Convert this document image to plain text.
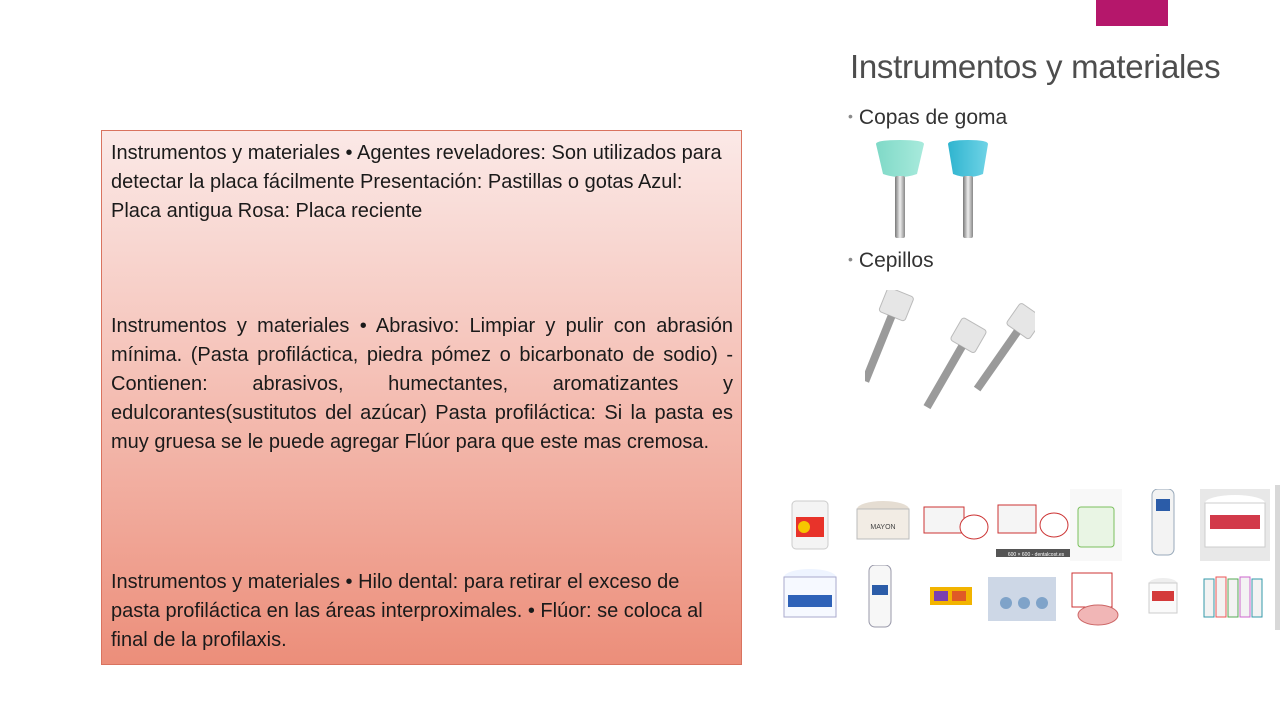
Instrumentos y materiales • Agentes reveladores: Son utilizados para detectar la placa fácilmente Presentación: Pastillas o gotas Azul: Placa antigua Rosa: Placa reciente

Instrumentos y materiales • Abrasivo: Limpiar y pulir con abrasión mínima. (Pasta profiláctica, piedra pómez o bicarbonato de sodio) - Contienen: abrasivos, humectantes, aromatizantes y edulcorantes(sustitutos del azúcar) Pasta profiláctica: Si la pasta es muy gruesa se le puede agregar Flúor para que este mas cremosa.

Instrumentos y materiales • Hilo dental: para retirar el exceso de pasta profiláctica en las áreas interproximales. • Flúor: se coloca al final de la profilaxis.

Instrumentos y materiales
• Copas de goma
• Cepillos
MAYON
600 × 600 - dentalcost.es
